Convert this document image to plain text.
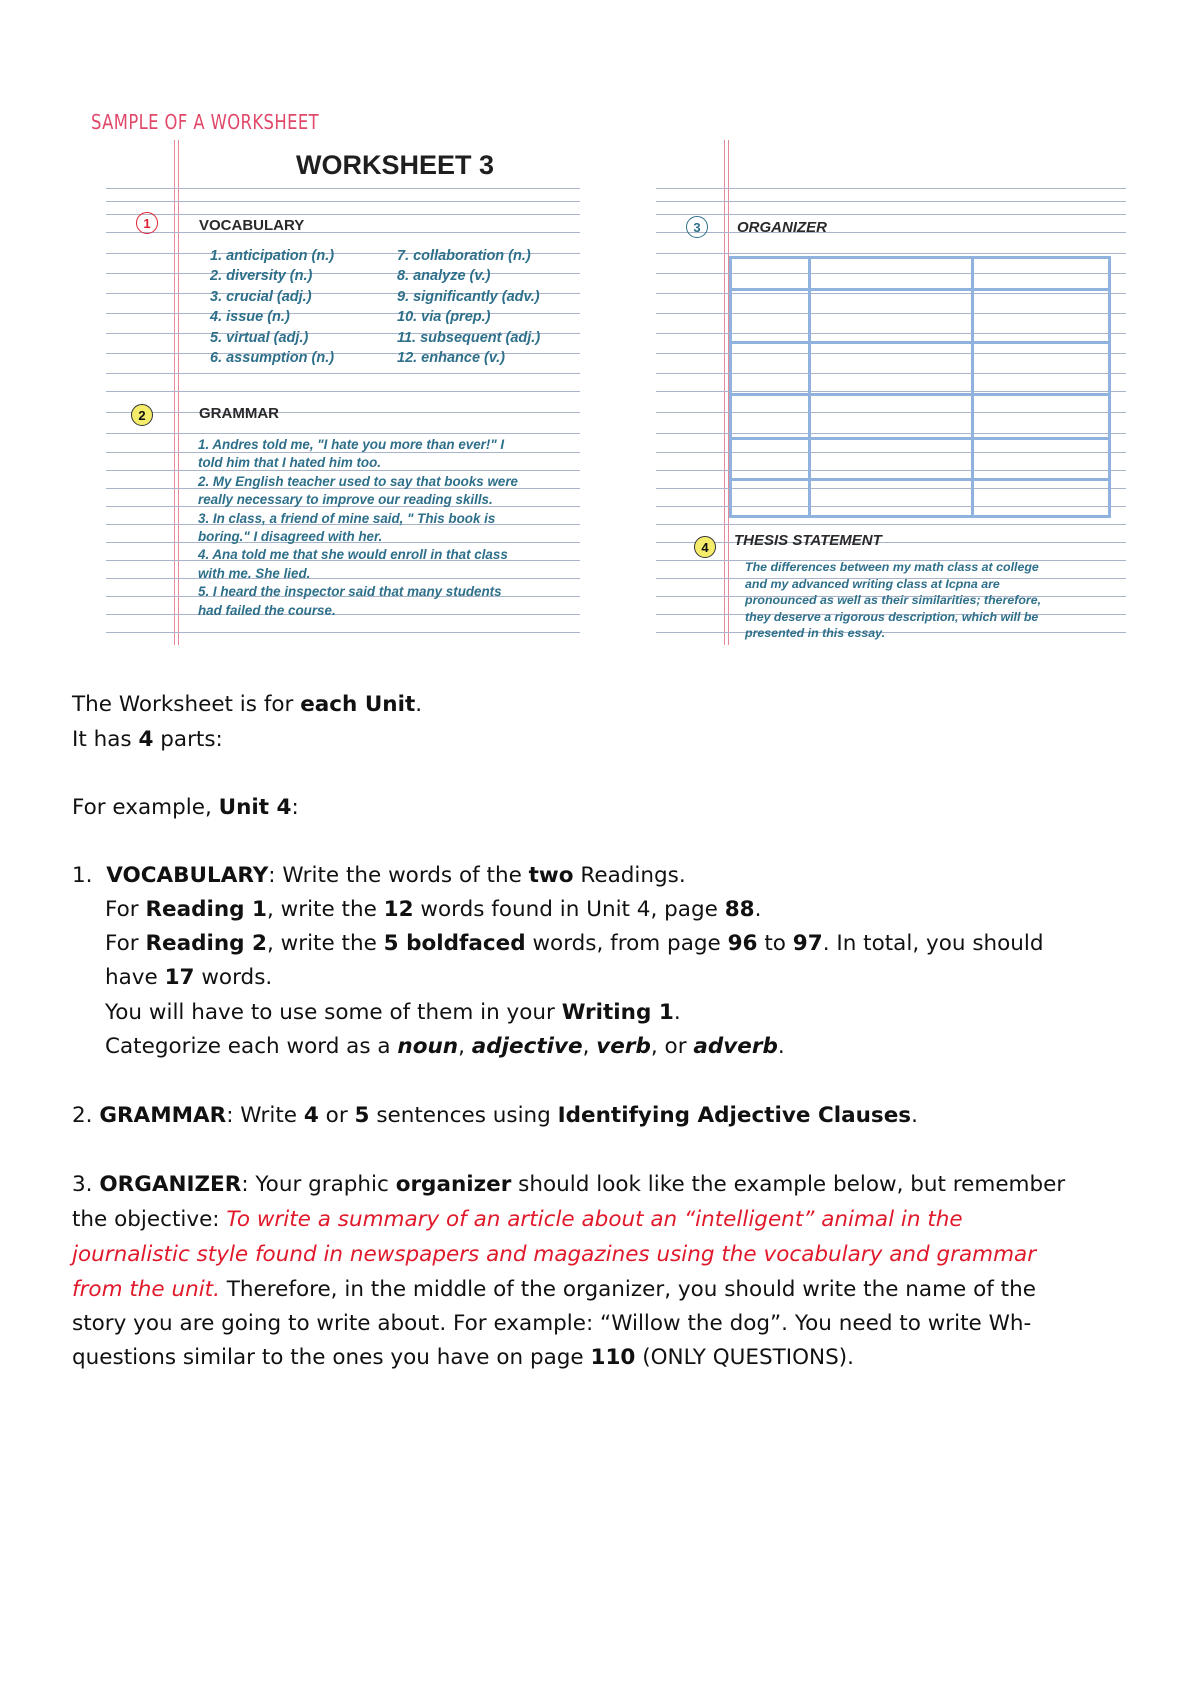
SAMPLE OF A WORKSHEET
WORKSHEET 3
1	VOCABULARY
1. anticipation (n.)
2. diversity (n.)
3. crucial (adj.)
4. issue (n.)
5. virtual (adj.)
6. assumption (n.)
7. collaboration (n.)
8. analyze (v.)
9. significantly (adv.)
10. via (prep.)
11. subsequent (adj.)
12. enhance (v.)
2	GRAMMAR
1. Andres told me, "I hate you more than ever!" I
told him that I hated him too.
2. My English teacher used to say that books were
really necessary to improve our reading skills.
3. In class, a friend of mine said, " This book is
boring." I disagreed with her.
4. Ana told me that she would enroll in that class
with me. She lied.
5. I heard the inspector said that many students
had failed the course.
3	ORGANIZER
4	THESIS STATEMENT
The differences between my math class at college
and my advanced writing class at Icpna are
pronounced as well as their similarities; therefore,
they deserve a rigorous description, which will be
presented in this essay.
The Worksheet is for each Unit.
It has 4 parts:
For example, Unit 4:
1. VOCABULARY: Write the words of the two Readings.
For Reading 1, write the 12 words found in Unit 4, page 88.
For Reading 2, write the 5 boldfaced words, from page 96 to 97. In total, you should
have 17 words.
You will have to use some of them in your Writing 1.
Categorize each word as a noun, adjective, verb, or adverb.
2. GRAMMAR: Write 4 or 5 sentences using Identifying Adjective Clauses.
3. ORGANIZER: Your graphic organizer should look like the example below, but remember
the objective: To write a summary of an article about an “intelligent” animal in the
journalistic style found in newspapers and magazines using the vocabulary and grammar
from the unit. Therefore, in the middle of the organizer, you should write the name of the
story you are going to write about. For example: “Willow the dog”. You need to write Wh-
questions similar to the ones you have on page 110 (ONLY QUESTIONS).
